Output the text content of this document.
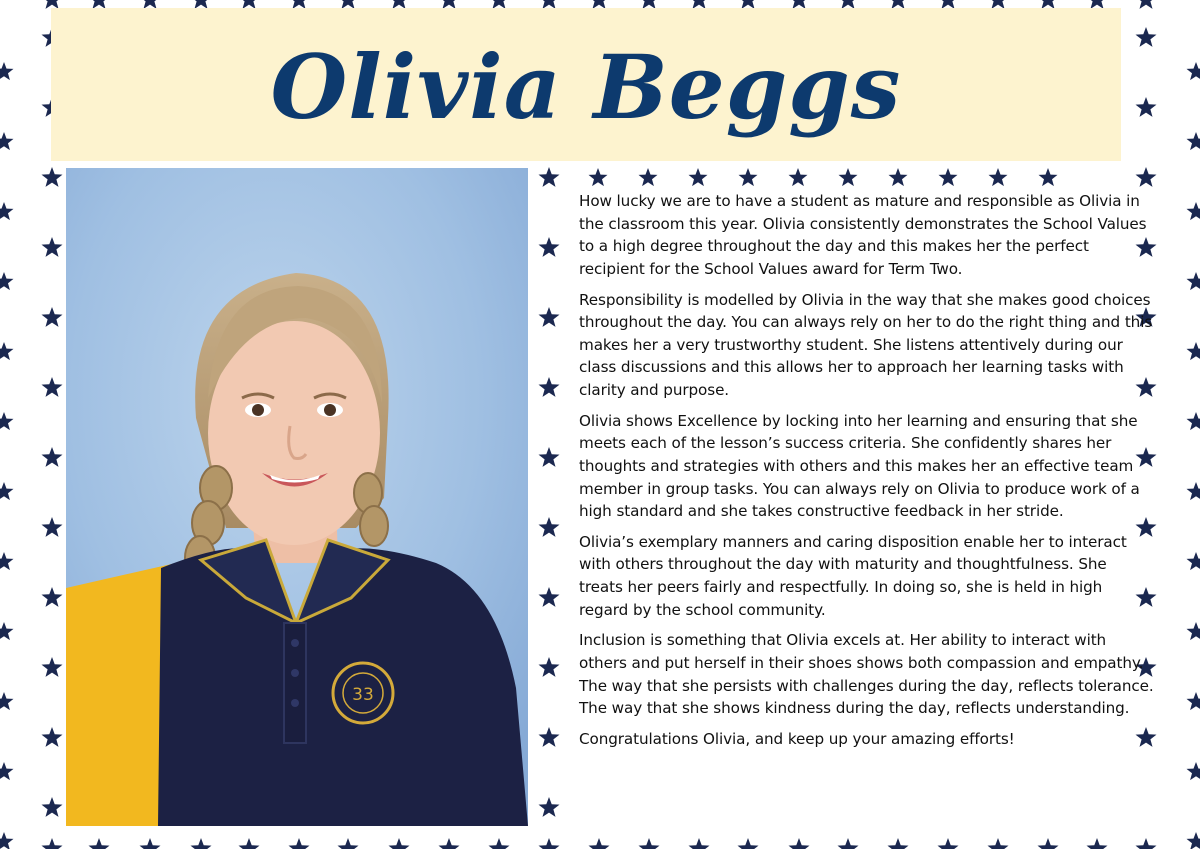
Olivia Beggs
33

How lucky we are to have a student as mature and responsible as Olivia in the classroom this year. Olivia consistently demonstrates the School Values to a high degree throughout the day and this makes her the perfect recipient for the School Values award for Term Two.

Responsibility is modelled by Olivia in the way that she makes good choices throughout the day. You can always rely on her to do the right thing and this makes her a very trustworthy student. She listens attentively during our class discussions and this allows her to approach her learning tasks with clarity and purpose.

Olivia shows Excellence by locking into her learning and ensuring that she meets each of the lesson’s success criteria. She confidently shares her thoughts and strategies with others and this makes her an effective team member in group tasks. You can always rely on Olivia to produce work of a high standard and she takes constructive feedback in her stride.

Olivia’s exemplary manners and caring disposition enable her to interact with others throughout the day with maturity and thoughtfulness. She treats her peers fairly and respectfully. In doing so, she is held in high regard by the school community.

Inclusion is something that Olivia excels at. Her ability to interact with others and put herself in their shoes shows both compassion and empathy. The way that she persists with challenges during the day, reflects tolerance. The way that she shows kindness during the day, reflects understanding.

Congratulations Olivia, and keep up your amazing efforts!
